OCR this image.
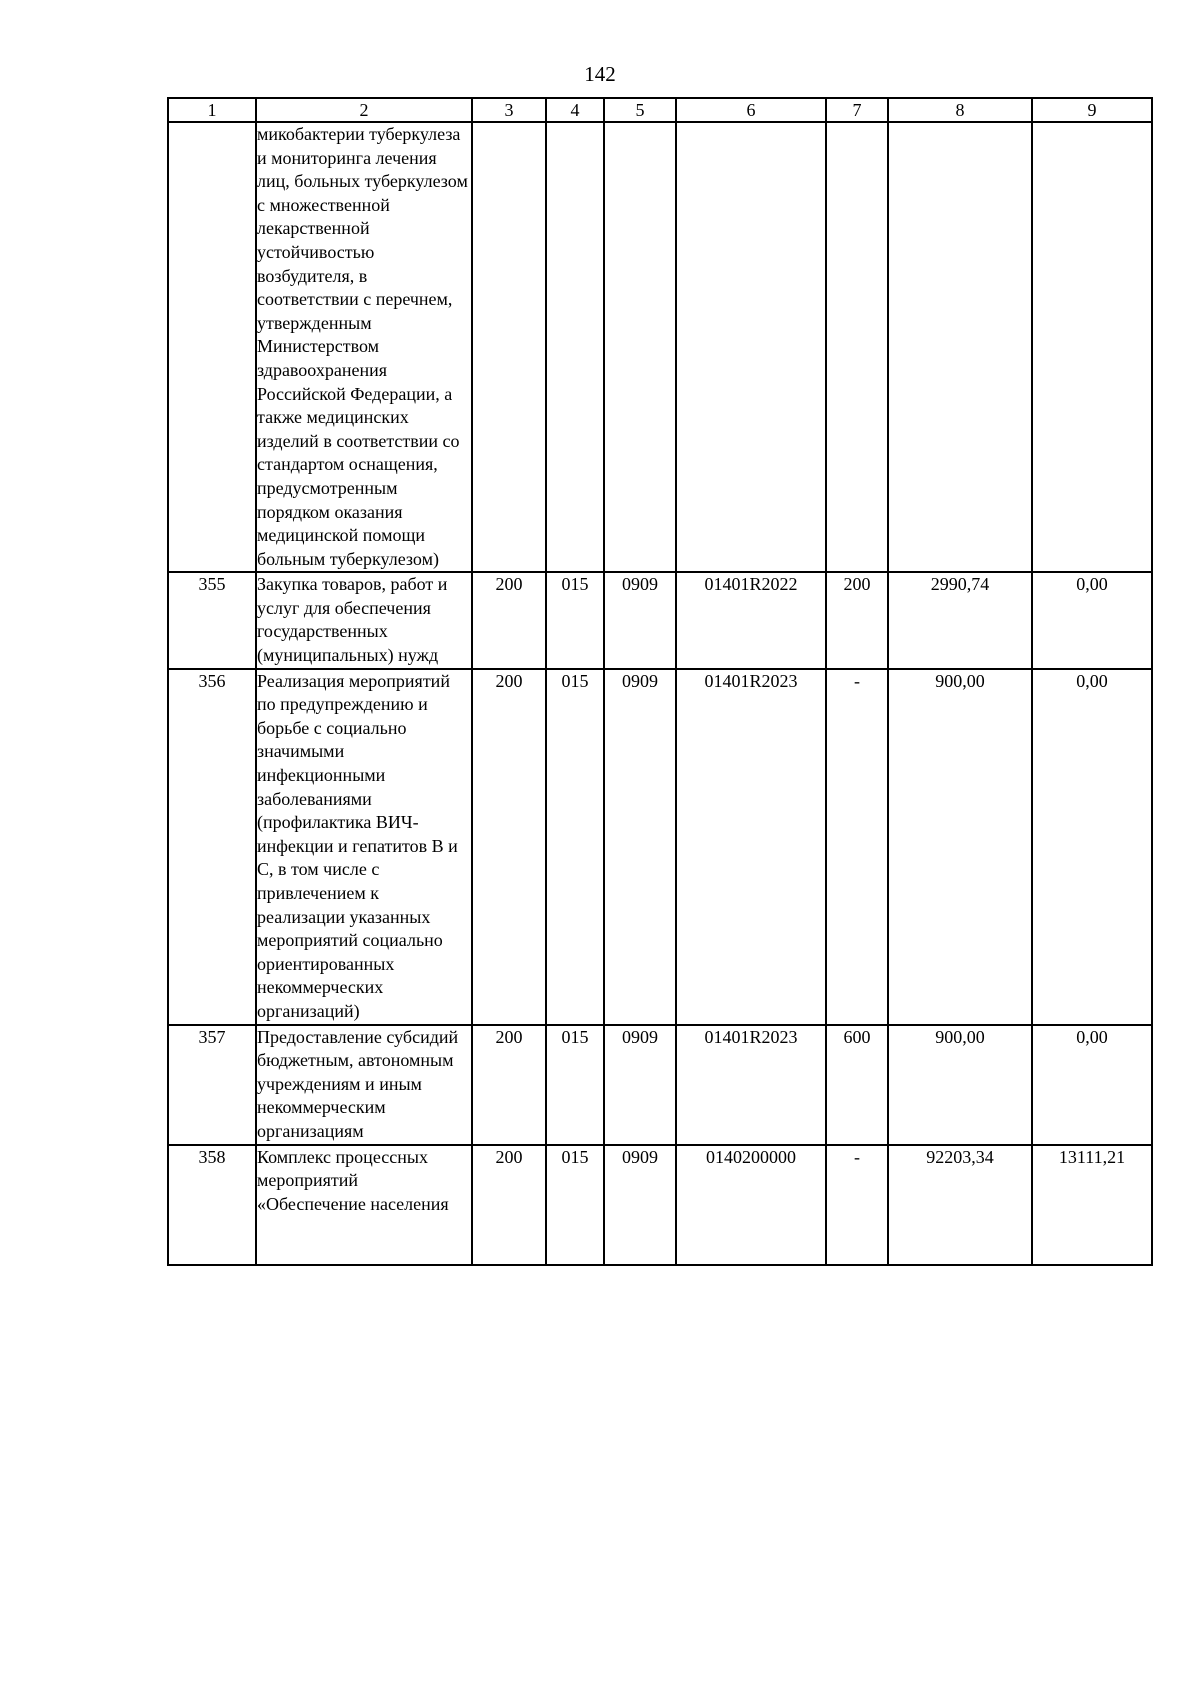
142
1	2	3	4	5	6	7	8	9
	микобактерии туберкулеза и мониторинга лечения лиц, больных туберкулезом с множественной лекарственной устойчивостью возбудителя, в соответствии с перечнем, утвержденным Министерством здравоохранения Российской Федерации, а также медицинских изделий в соответствии со стандартом оснащения, предусмотренным порядком оказания медицинской помощи больным туберкулезом)							
355	Закупка товаров, работ и услуг для обеспечения государственных (муниципальных) нужд	200	015	0909	01401R2022	200	2990,74	0,00
356	Реализация мероприятий по предупреждению и борьбе с социально значимыми инфекционными заболеваниями (профилактика ВИЧ-инфекции и гепатитов В и С, в том числе с привлечением к реализации указанных мероприятий социально ориентированных некоммерческих организаций)	200	015	0909	01401R2023	-	900,00	0,00
357	Предоставление субсидий бюджетным, автономным учреждениям и иным некоммерческим организациям	200	015	0909	01401R2023	600	900,00	0,00
358	Комплекс процессных мероприятий «Обеспечение населения	200	015	0909	0140200000	-	92203,34	13111,21
